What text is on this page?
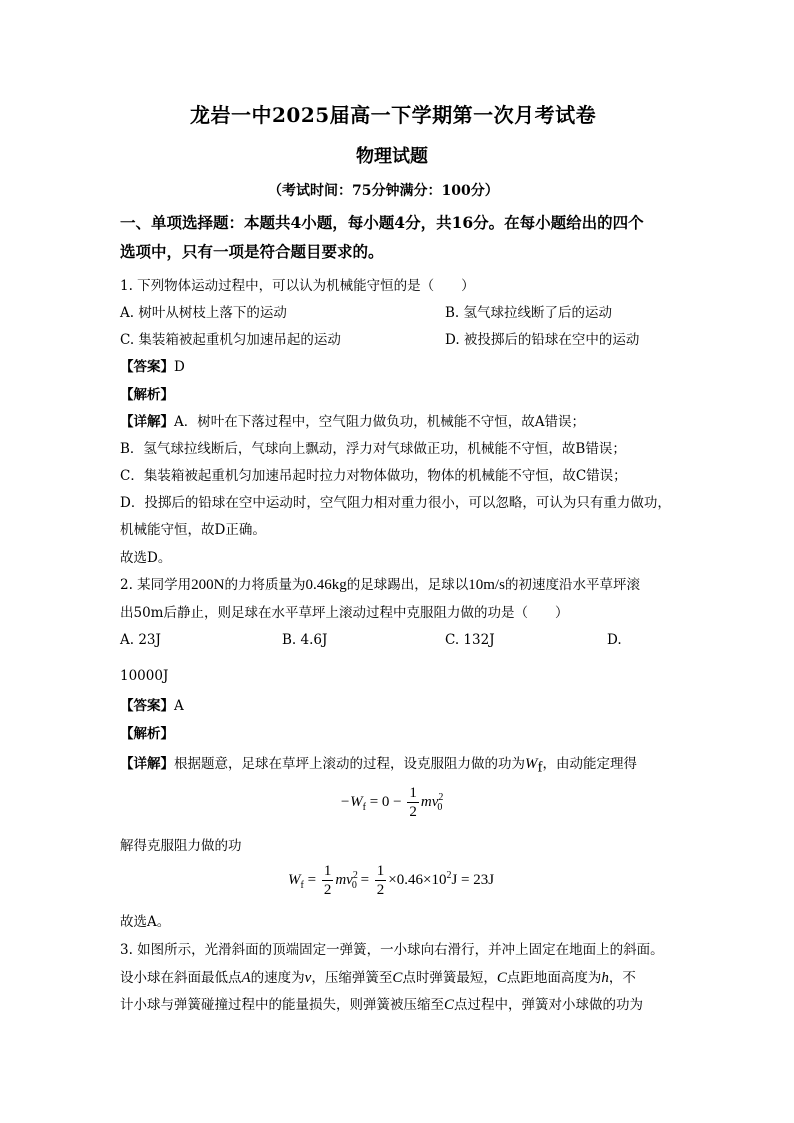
龙岩一中2025届高一下学期第一次月考试卷
物理试题
（考试时间：75分钟满分：100分）
一、单项选择题：本题共4小题，每小题4分，共16分。在每小题给出的四个
选项中，只有一项是符合题目要求的。
1. 下列物体运动过程中，可以认为机械能守恒的是（　　）
A. 树叶从树枝上落下的运动	B. 氢气球拉线断了后的运动
C. 集装箱被起重机匀加速吊起的运动	D. 被投掷后的铅球在空中的运动
【答案】D
【解析】
【详解】A．树叶在下落过程中，空气阻力做负功，机械能不守恒，故A错误；
B．氢气球拉线断后，气球向上飘动，浮力对气球做正功，机械能不守恒，故B错误；
C．集装箱被起重机匀加速吊起时拉力对物体做功，物体的机械能不守恒，故C错误；
D．投掷后的铅球在空中运动时，空气阻力相对重力很小，可以忽略，可认为只有重力做功，
机械能守恒，故D正确。
故选D。
2. 某同学用200N的力将质量为0.46kg的足球踢出，足球以10m/s的初速度沿水平草坪滚
出50m后静止，则足球在水平草坪上滚动过程中克服阻力做的功是（　　）
A. 23J	B. 4.6J	C. 132J	D.
10000J
【答案】A
【解析】
【详解】根据题意，足球在草坪上滚动的过程，设克服阻力做的功为$W_f$，由动能定理得
$-W_f = 0 - \frac{1}{2} mv^2_0$
解得克服阻力做的功
$W_f = \frac{1}{2} mv^2_0 = \frac{1}{2} \times 0.46\times 10^2J = 23J$
故选A。
3. 如图所示，光滑斜面的顶端固定一弹簧，一小球向右滑行，并冲上固定在地面上的斜面。
设小球在斜面最低点A的速度为v，压缩弹簧至C点时弹簧最短，C点距地面高度为h，不
计小球与弹簧碰撞过程中的能量损失，则弹簧被压缩至C点过程中，弹簧对小球做的功为
